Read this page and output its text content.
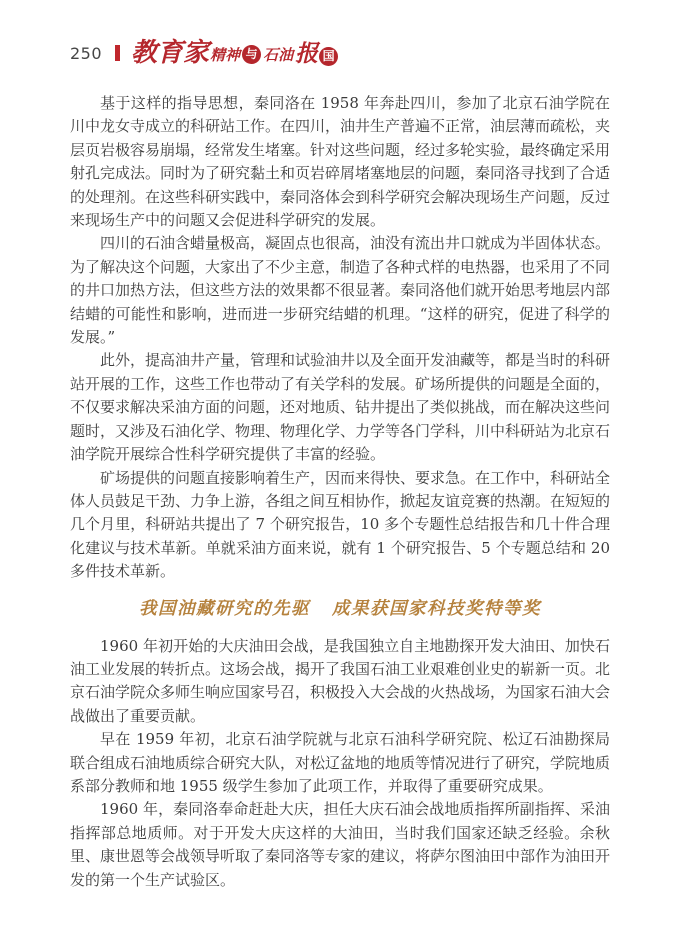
250 教育家 精神 与 石油 报 国

基于这样的指导思想，秦同洛在 1958 年奔赴四川，参加了北京石油学院在川中龙女寺成立的科研站工作。在四川，油井生产普遍不正常，油层薄而疏松，夹层页岩极容易崩塌，经常发生堵塞。针对这些问题，经过多轮实验，最终确定采用射孔完成法。同时为了研究黏土和页岩碎屑堵塞地层的问题，秦同洛寻找到了合适的处理剂。在这些科研实践中，秦同洛体会到科学研究会解决现场生产问题，反过来现场生产中的问题又会促进科学研究的发展。

四川的石油含蜡量极高，凝固点也很高，油没有流出井口就成为半固体状态。为了解决这个问题，大家出了不少主意，制造了各种式样的电热器，也采用了不同的井口加热方法，但这些方法的效果都不很显著。秦同洛他们就开始思考地层内部结蜡的可能性和影响，进而进一步研究结蜡的机理。“这样的研究，促进了科学的发展。”

此外，提高油井产量，管理和试验油井以及全面开发油藏等，都是当时的科研站开展的工作，这些工作也带动了有关学科的发展。矿场所提供的问题是全面的，不仅要求解决采油方面的问题，还对地质、钻井提出了类似挑战，而在解决这些问题时，又涉及石油化学、物理、物理化学、力学等各门学科，川中科研站为北京石油学院开展综合性科学研究提供了丰富的经验。

矿场提供的问题直接影响着生产，因而来得快、要求急。在工作中，科研站全体人员鼓足干劲、力争上游，各组之间互相协作，掀起友谊竞赛的热潮。在短短的几个月里，科研站共提出了 7 个研究报告，10 多个专题性总结报告和几十件合理化建议与技术革新。单就采油方面来说，就有 1 个研究报告、5 个专题总结和 20 多件技术革新。

我国油藏研究的先驱 成果获国家科技奖特等奖

1960 年初开始的大庆油田会战，是我国独立自主地勘探开发大油田、加快石油工业发展的转折点。这场会战，揭开了我国石油工业艰难创业史的崭新一页。北京石油学院众多师生响应国家号召，积极投入大会战的火热战场，为国家石油大会战做出了重要贡献。

早在 1959 年初，北京石油学院就与北京石油科学研究院、松辽石油勘探局联合组成石油地质综合研究大队，对松辽盆地的地质等情况进行了研究，学院地质系部分教师和地 1955 级学生参加了此项工作，并取得了重要研究成果。

1960 年，秦同洛奉命赶赴大庆，担任大庆石油会战地质指挥所副指挥、采油指挥部总地质师。对于开发大庆这样的大油田，当时我们国家还缺乏经验。余秋里、康世恩等会战领导听取了秦同洛等专家的建议，将萨尔图油田中部作为油田开发的第一个生产试验区。
